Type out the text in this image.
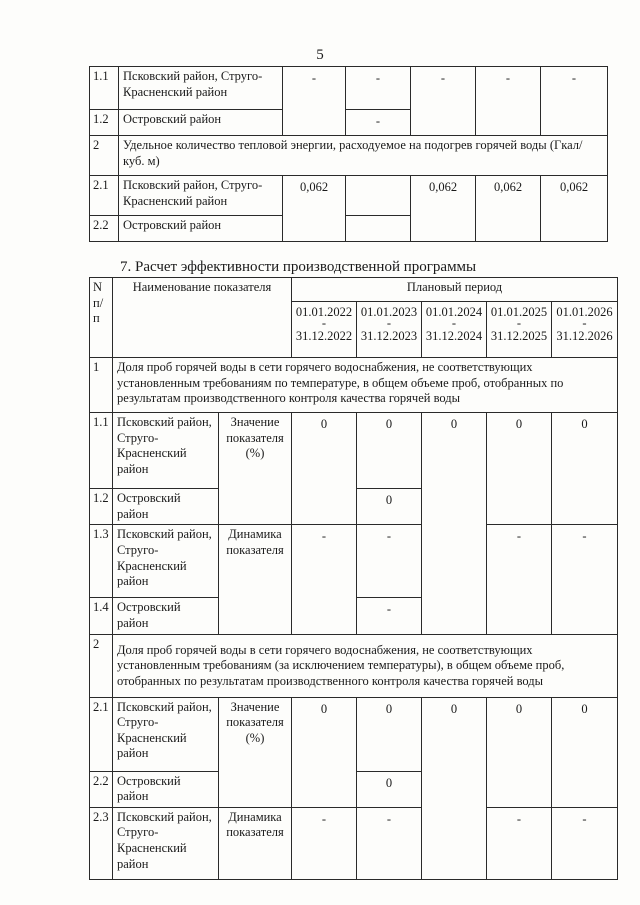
5
1.1	Псковский район, Струго-Красненский район	-	-	-	-	-
1.2	Островский район		-			
2	Удельное количество тепловой энергии, расходуемое на подогрев горячей воды (Гкал/куб. м)					
2.1	Псковский район, Струго-Красненский район	0,062		0,062	0,062	0,062
2.2	Островский район					
7. Расчет эффективности производственной программы
N п/п	Наименование показателя		Плановый период				
			01.01.2022
-
31.12.2022	01.01.2023
-
31.12.2023	01.01.2024
-
31.12.2024	01.01.2025
-
31.12.2025	01.01.2026
-
31.12.2026
1	Доля проб горячей воды в сети горячего водоснабжения, не соответствующих установленным требованиям по температуре, в общем объеме проб, отобранных по результатам производственного контроля качества горячей воды						
1.1	Псковский район, Струго-Красненский район	Значение показателя (%)	0	0	0	0	0
1.2	Островский район			0			
1.3	Псковский район, Струго-Красненский район	Динамика показателя	-	-		-	-
1.4	Островский район			-			
2	Доля проб горячей воды в сети горячего водоснабжения, не соответствующих установленным требованиям (за исключением температуры), в общем объеме проб, отобранных по результатам производственного контроля качества горячей воды						
2.1	Псковский район, Струго-Красненский район	Значение показателя (%)	0	0	0	0	0
2.2	Островский район			0			
2.3	Псковский район, Струго-Красненский район	Динамика показателя	-	-		-	-
